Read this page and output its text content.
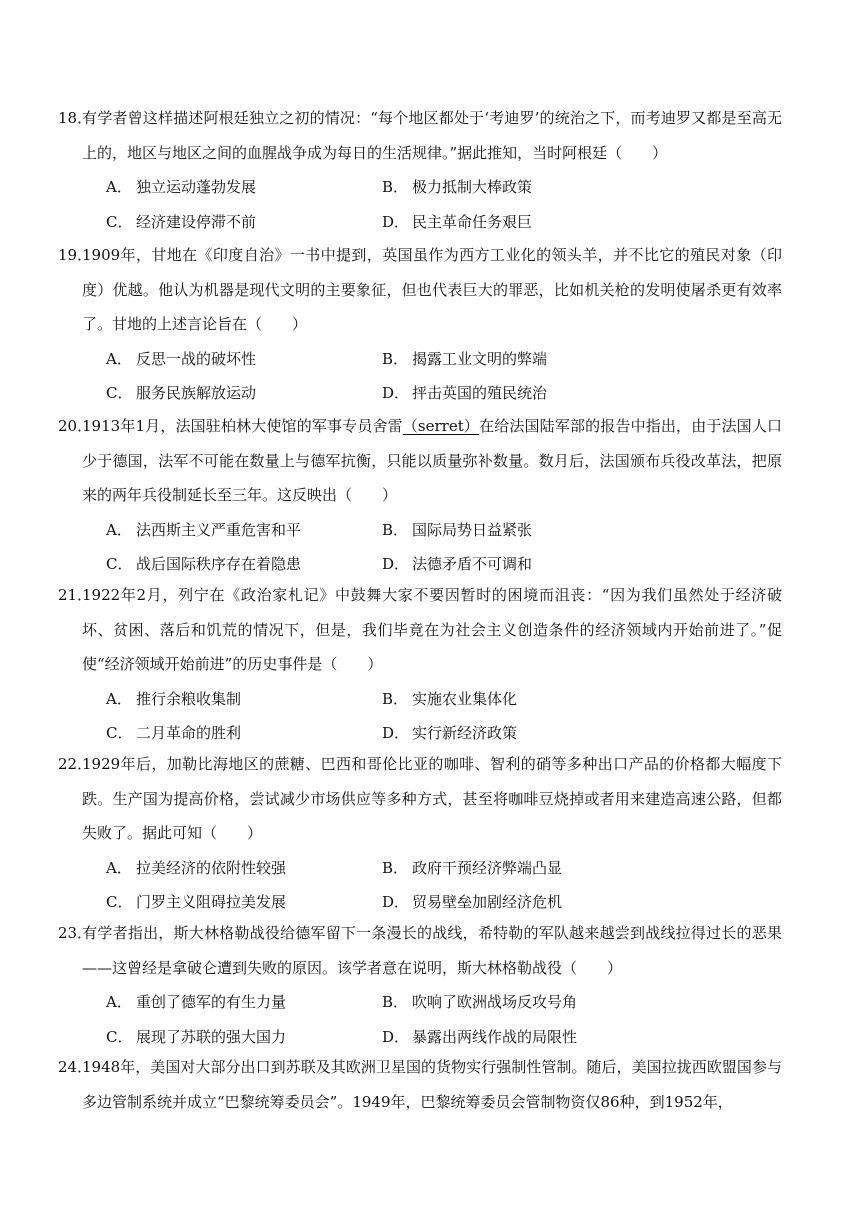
18．有学者曾这样描述阿根廷独立之初的情况：“每个地区都处于‘考迪罗’的统治之下，而考迪罗又都是至高无上的，地区与地区之间的血腥战争成为每日的生活规律。”据此推知，当时阿根廷（　　）

A． 独立运动蓬勃发展	B． 极力抵制大棒政策
C． 经济建设停滞不前	D． 民主革命任务艰巨

19．1909年，甘地在《印度自治》一书中提到，英国虽作为西方工业化的领头羊，并不比它的殖民对象（印度）优越。他认为机器是现代文明的主要象征，但也代表巨大的罪恶，比如机关枪的发明使屠杀更有效率了。甘地的上述言论旨在（　　）

A． 反思一战的破坏性	B． 揭露工业文明的弊端
C． 服务民族解放运动	D． 抨击英国的殖民统治

20．1913年1月，法国驻柏林大使馆的军事专员舍雷（serret）在给法国陆军部的报告中指出，由于法国人口少于德国，法军不可能在数量上与德军抗衡，只能以质量弥补数量。数月后，法国颁布兵役改革法，把原来的两年兵役制延长至三年。这反映出（　　）

A． 法西斯主义严重危害和平	B． 国际局势日益紧张
C． 战后国际秩序存在着隐患	D． 法德矛盾不可调和

21．1922年2月，列宁在《政治家札记》中鼓舞大家不要因暂时的困境而沮丧：“因为我们虽然处于经济破坏、贫困、落后和饥荒的情况下，但是，我们毕竟在为社会主义创造条件的经济领域内开始前进了。”促使“经济领域开始前进”的历史事件是（　　）

A． 推行余粮收集制	B． 实施农业集体化
C． 二月革命的胜利	D． 实行新经济政策

22．1929年后，加勒比海地区的蔗糖、巴西和哥伦比亚的咖啡、智利的硝等多种出口产品的价格都大幅度下跌。生产国为提高价格，尝试减少市场供应等多种方式，甚至将咖啡豆烧掉或者用来建造高速公路，但都失败了。据此可知（　　）

A． 拉美经济的依附性较强	B． 政府干预经济弊端凸显
C． 门罗主义阻碍拉美发展	D． 贸易壁垒加剧经济危机

23．有学者指出，斯大林格勒战役给德军留下一条漫长的战线，希特勒的军队越来越尝到战线拉得过长的恶果——这曾经是拿破仑遭到失败的原因。该学者意在说明，斯大林格勒战役（　　）

A． 重创了德军的有生力量	B． 吹响了欧洲战场反攻号角
C． 展现了苏联的强大国力	D． 暴露出两线作战的局限性

24．1948年，美国对大部分出口到苏联及其欧洲卫星国的货物实行强制性管制。随后，美国拉拢西欧盟国参与多边管制系统并成立“巴黎统筹委员会”。1949年，巴黎统筹委员会管制物资仅86种，到1952年，
